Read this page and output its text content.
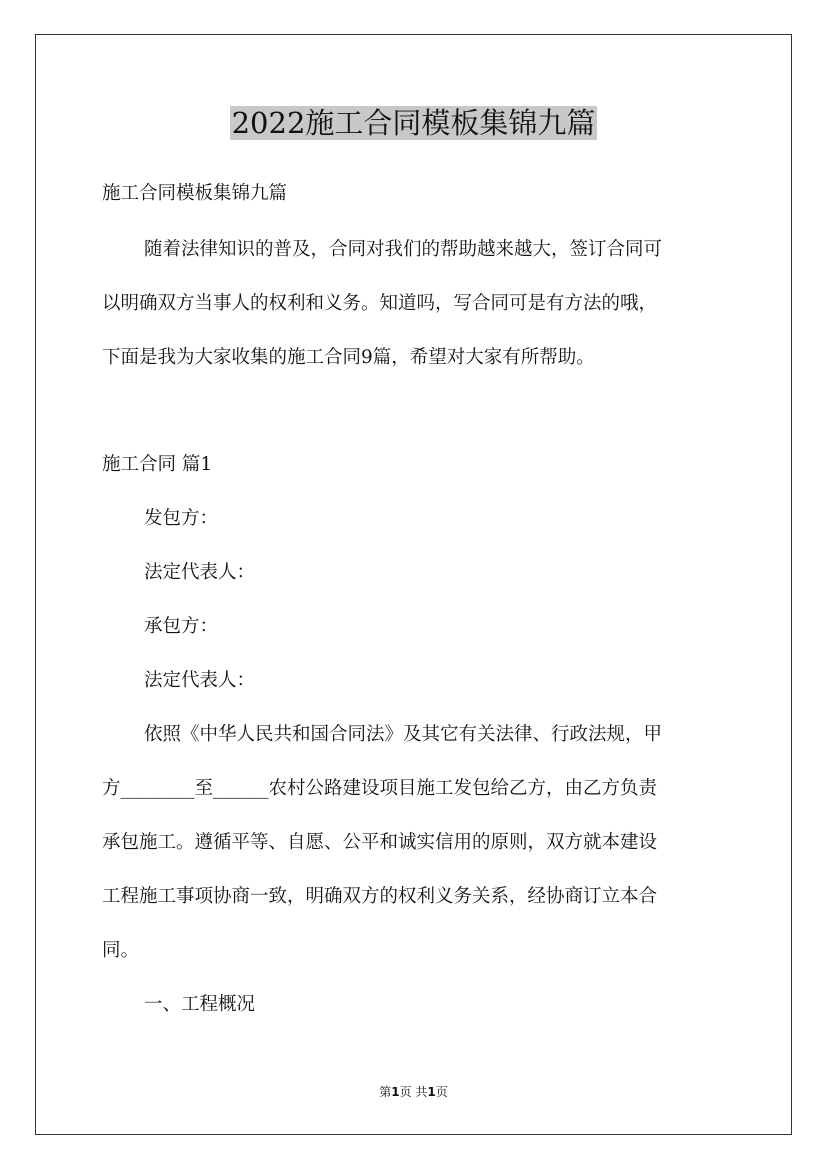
2022施工合同模板集锦九篇

施工合同模板集锦九篇

随着法律知识的普及，合同对我们的帮助越来越大，签订合同可

以明确双方当事人的权利和义务。知道吗，写合同可是有方法的哦，

下面是我为大家收集的施工合同9篇，希望对大家有所帮助。

施工合同 篇1

发包方：

法定代表人：

承包方：

法定代表人：

依照《中华人民共和国合同法》及其它有关法律、行政法规，甲

方________至______农村公路建设项目施工发包给乙方，由乙方负责

承包施工。遵循平等、自愿、公平和诚实信用的原则，双方就本建设

工程施工事项协商一致，明确双方的权利义务关系，经协商订立本合

同。

一、工程概况

第1页 共1页
